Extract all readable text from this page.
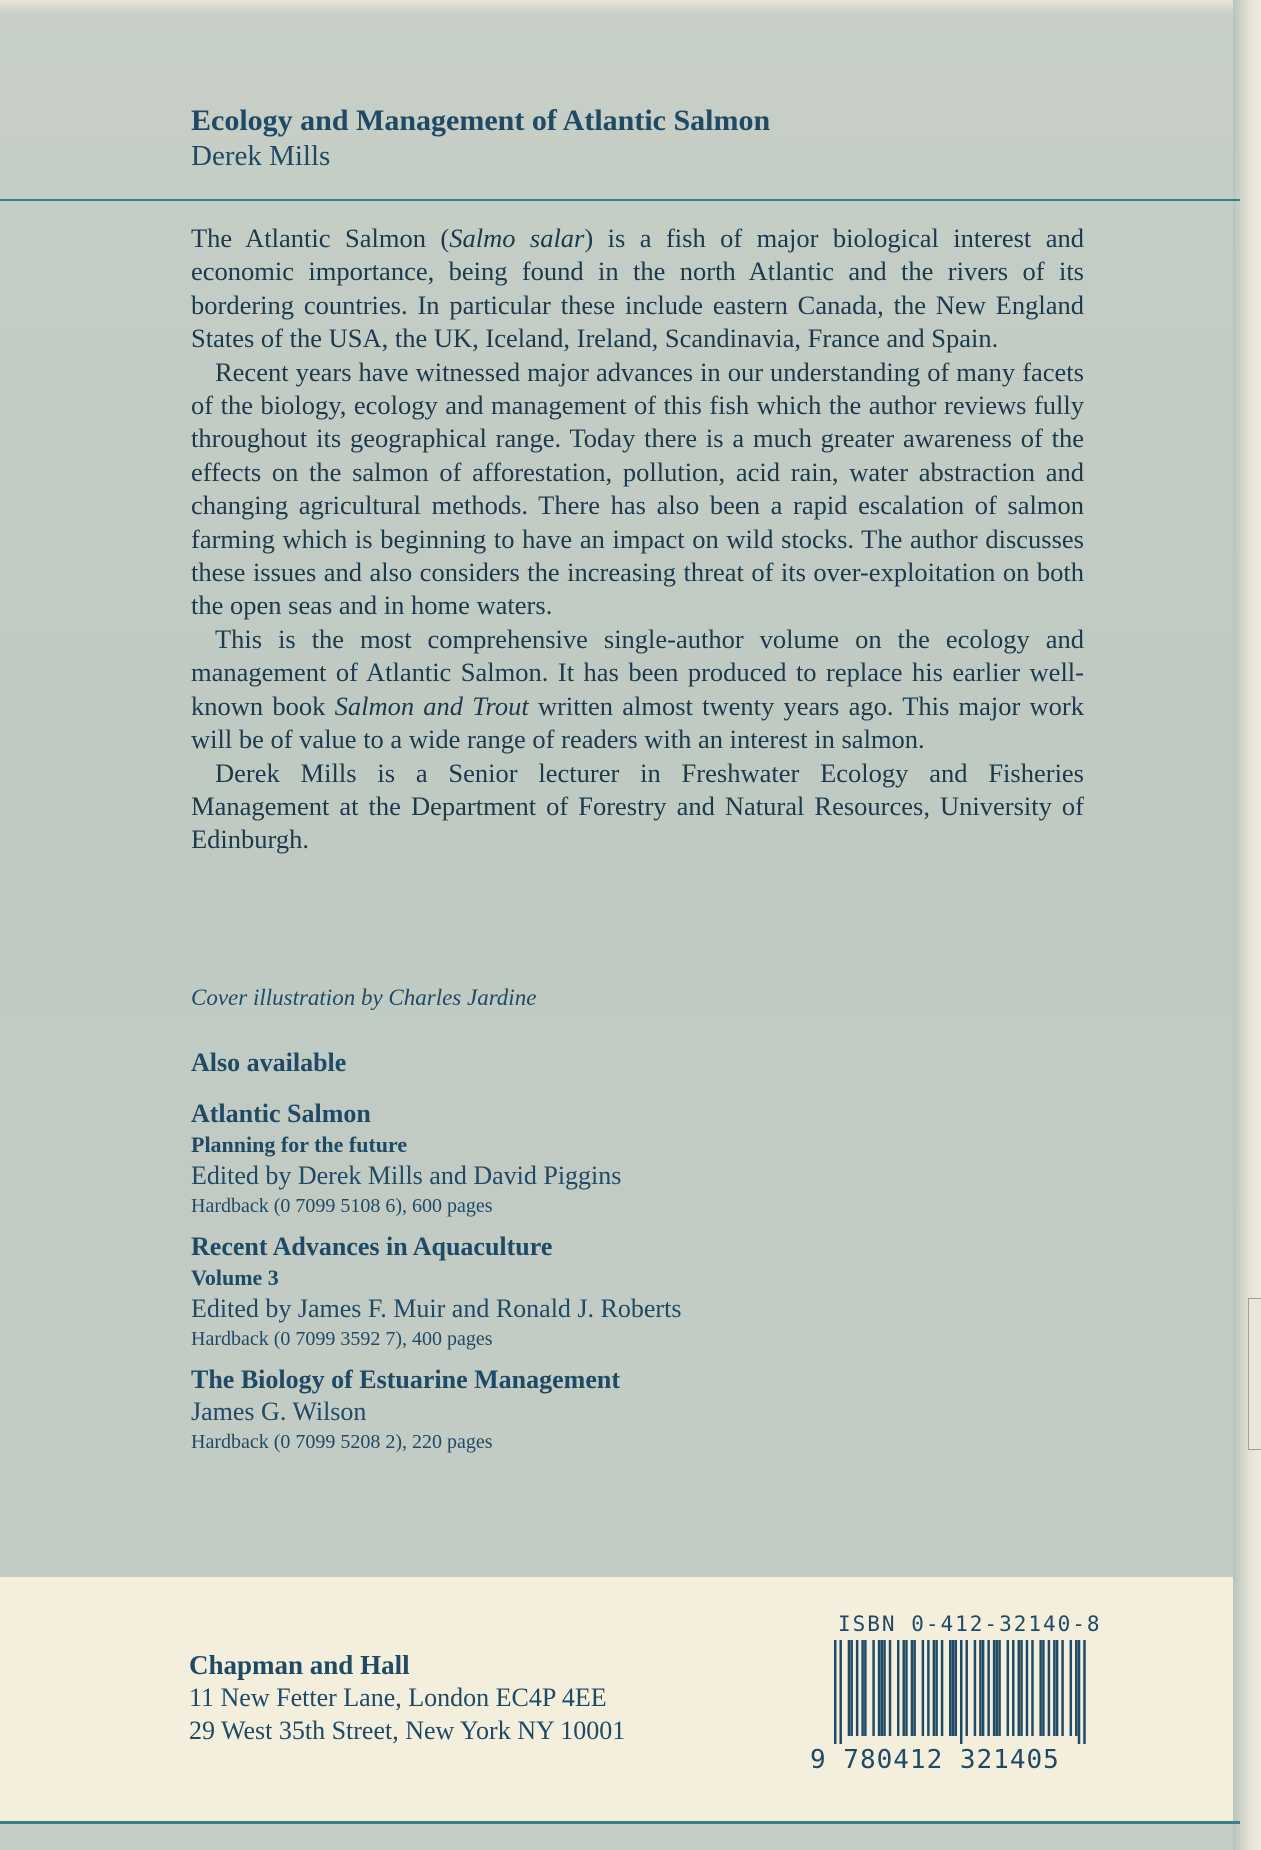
Ecology and Management of Atlantic Salmon
Derek Mills

The Atlantic Salmon (Salmo salar) is a fish of major biological interest and economic importance, being found in the north Atlantic and the rivers of its bordering countries. In particular these include eastern Canada, the New England States of the USA, the UK, Iceland, Ireland, Scandinavia, France and Spain.

Recent years have witnessed major advances in our understanding of many facets of the biology, ecology and management of this fish which the author reviews fully throughout its geographical range. Today there is a much greater awareness of the effects on the salmon of afforestation, pollution, acid rain, water abstraction and changing agricultural methods. There has also been a rapid escalation of salmon farming which is beginning to have an impact on wild stocks. The author discusses these issues and also considers the increasing threat of its over-exploitation on both the open seas and in home waters.

This is the most comprehensive single-author volume on the ecology and management of Atlantic Salmon. It has been produced to replace his earlier well-known book Salmon and Trout written almost twenty years ago. This major work will be of value to a wide range of readers with an interest in salmon.

Derek Mills is a Senior lecturer in Freshwater Ecology and Fisheries Management at the Department of Forestry and Natural Resources, University of Edinburgh.

Cover illustration by Charles Jardine
Also available
Atlantic Salmon
Planning for the future
Edited by Derek Mills and David Piggins
Hardback (0 7099 5108 6), 600 pages
Recent Advances in Aquaculture
Volume 3
Edited by James F. Muir and Ronald J. Roberts
Hardback (0 7099 3592 7), 400 pages
The Biology of Estuarine Management
James G. Wilson
Hardback (0 7099 5208 2), 220 pages
Chapman and Hall
11 New Fetter Lane, London EC4P 4EE
29 West 35th Street, New York NY 10001
ISBN 0-412-32140-8
9 780412 321405
